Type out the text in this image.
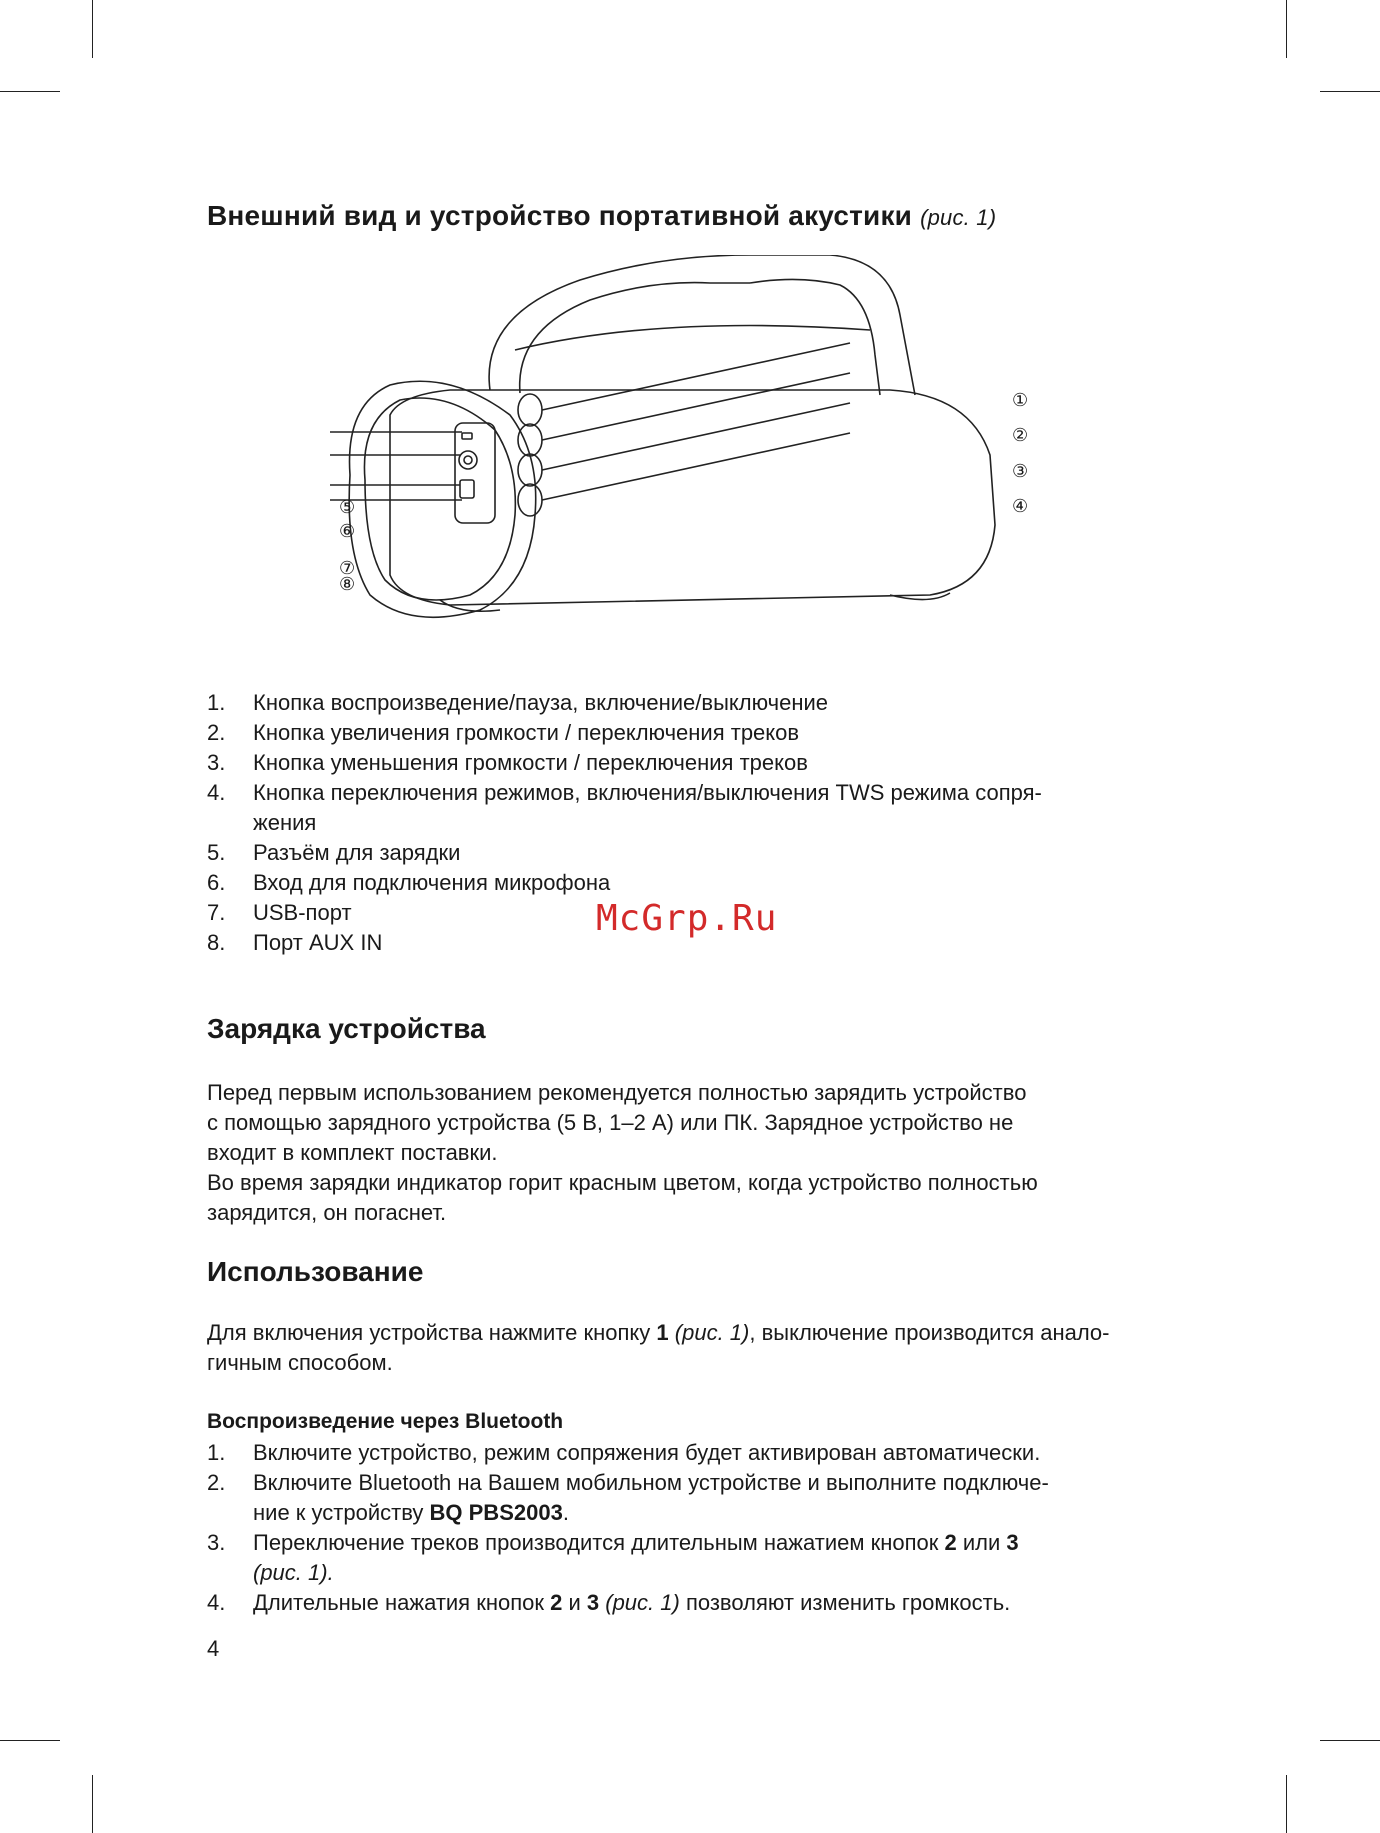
Внешний вид и устройство портативной акустики (рис. 1)
①
②
③
④
⑤
⑥
⑦
⑧
1. Кнопка воспроизведение/пауза, включение/выключение
2. Кнопка увеличения громкости / переключения треков
3. Кнопка уменьшения громкости / переключения треков
4. Кнопка переключения режимов, включения/выключения TWS режима сопря-
жения
5. Разъём для зарядки
6. Вход для подключения микрофона
7. USB-порт
8. Порт AUX IN
McGrp.Ru
Зарядка устройства

Перед первым использованием рекомендуется полностью зарядить устройство
с помощью зарядного устройства (5 В, 1–2 А) или ПК. Зарядное устройство не
входит в комплект поставки.
Во время зарядки индикатор горит красным цветом, когда устройство полностью
зарядится, он погаснет.

Использование

Для включения устройства нажмите кнопку 1 (рис. 1), выключение производится анало-
гичным способом.

Воспроизведение через Bluetooth
1. Включите устройство, режим сопряжения будет активирован автоматически.
2. Включите Bluetooth на Вашем мобильном устройстве и выполните подключе-
ние к устройству BQ PBS2003.
3. Переключение треков производится длительным нажатием кнопок 2 или 3
(рис. 1).
4. Длительные нажатия кнопок 2 и 3 (рис. 1) позволяют изменить громкость.
4
